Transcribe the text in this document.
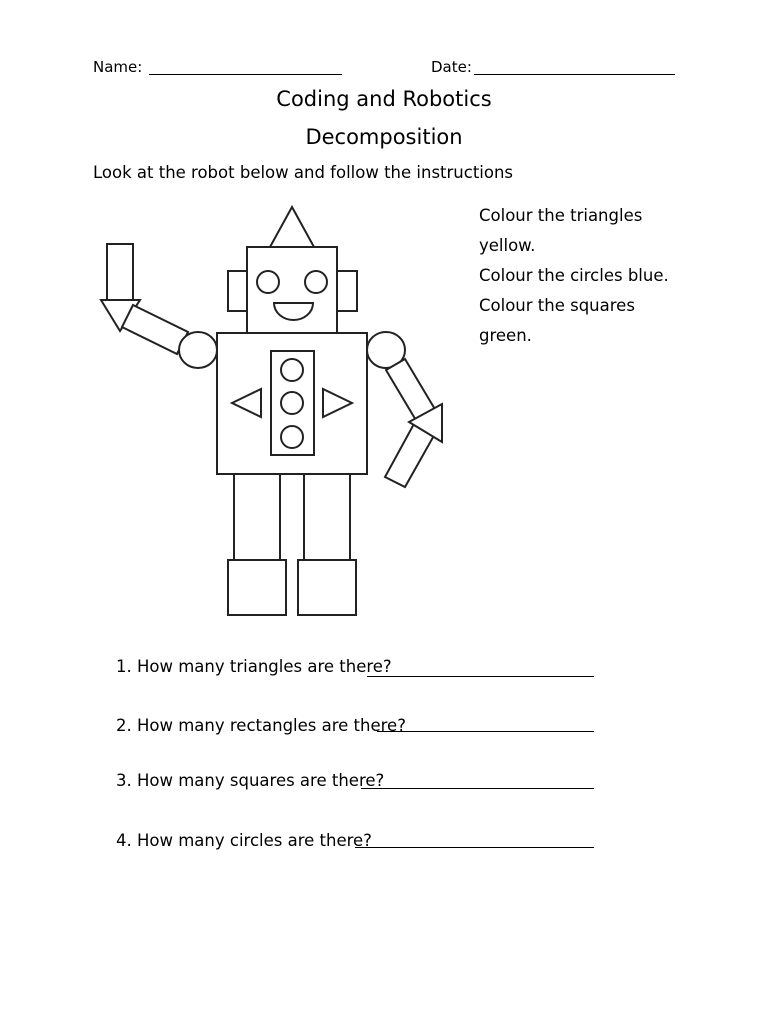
Name:	Date:
Coding and Robotics
Decomposition
Look at the robot below and follow the instructions
Colour the triangles
yellow.
Colour the circles blue.
Colour the squares
green.
1. How many triangles are there?
2. How many rectangles are there?
3. How many squares are there?
4. How many circles are there?
